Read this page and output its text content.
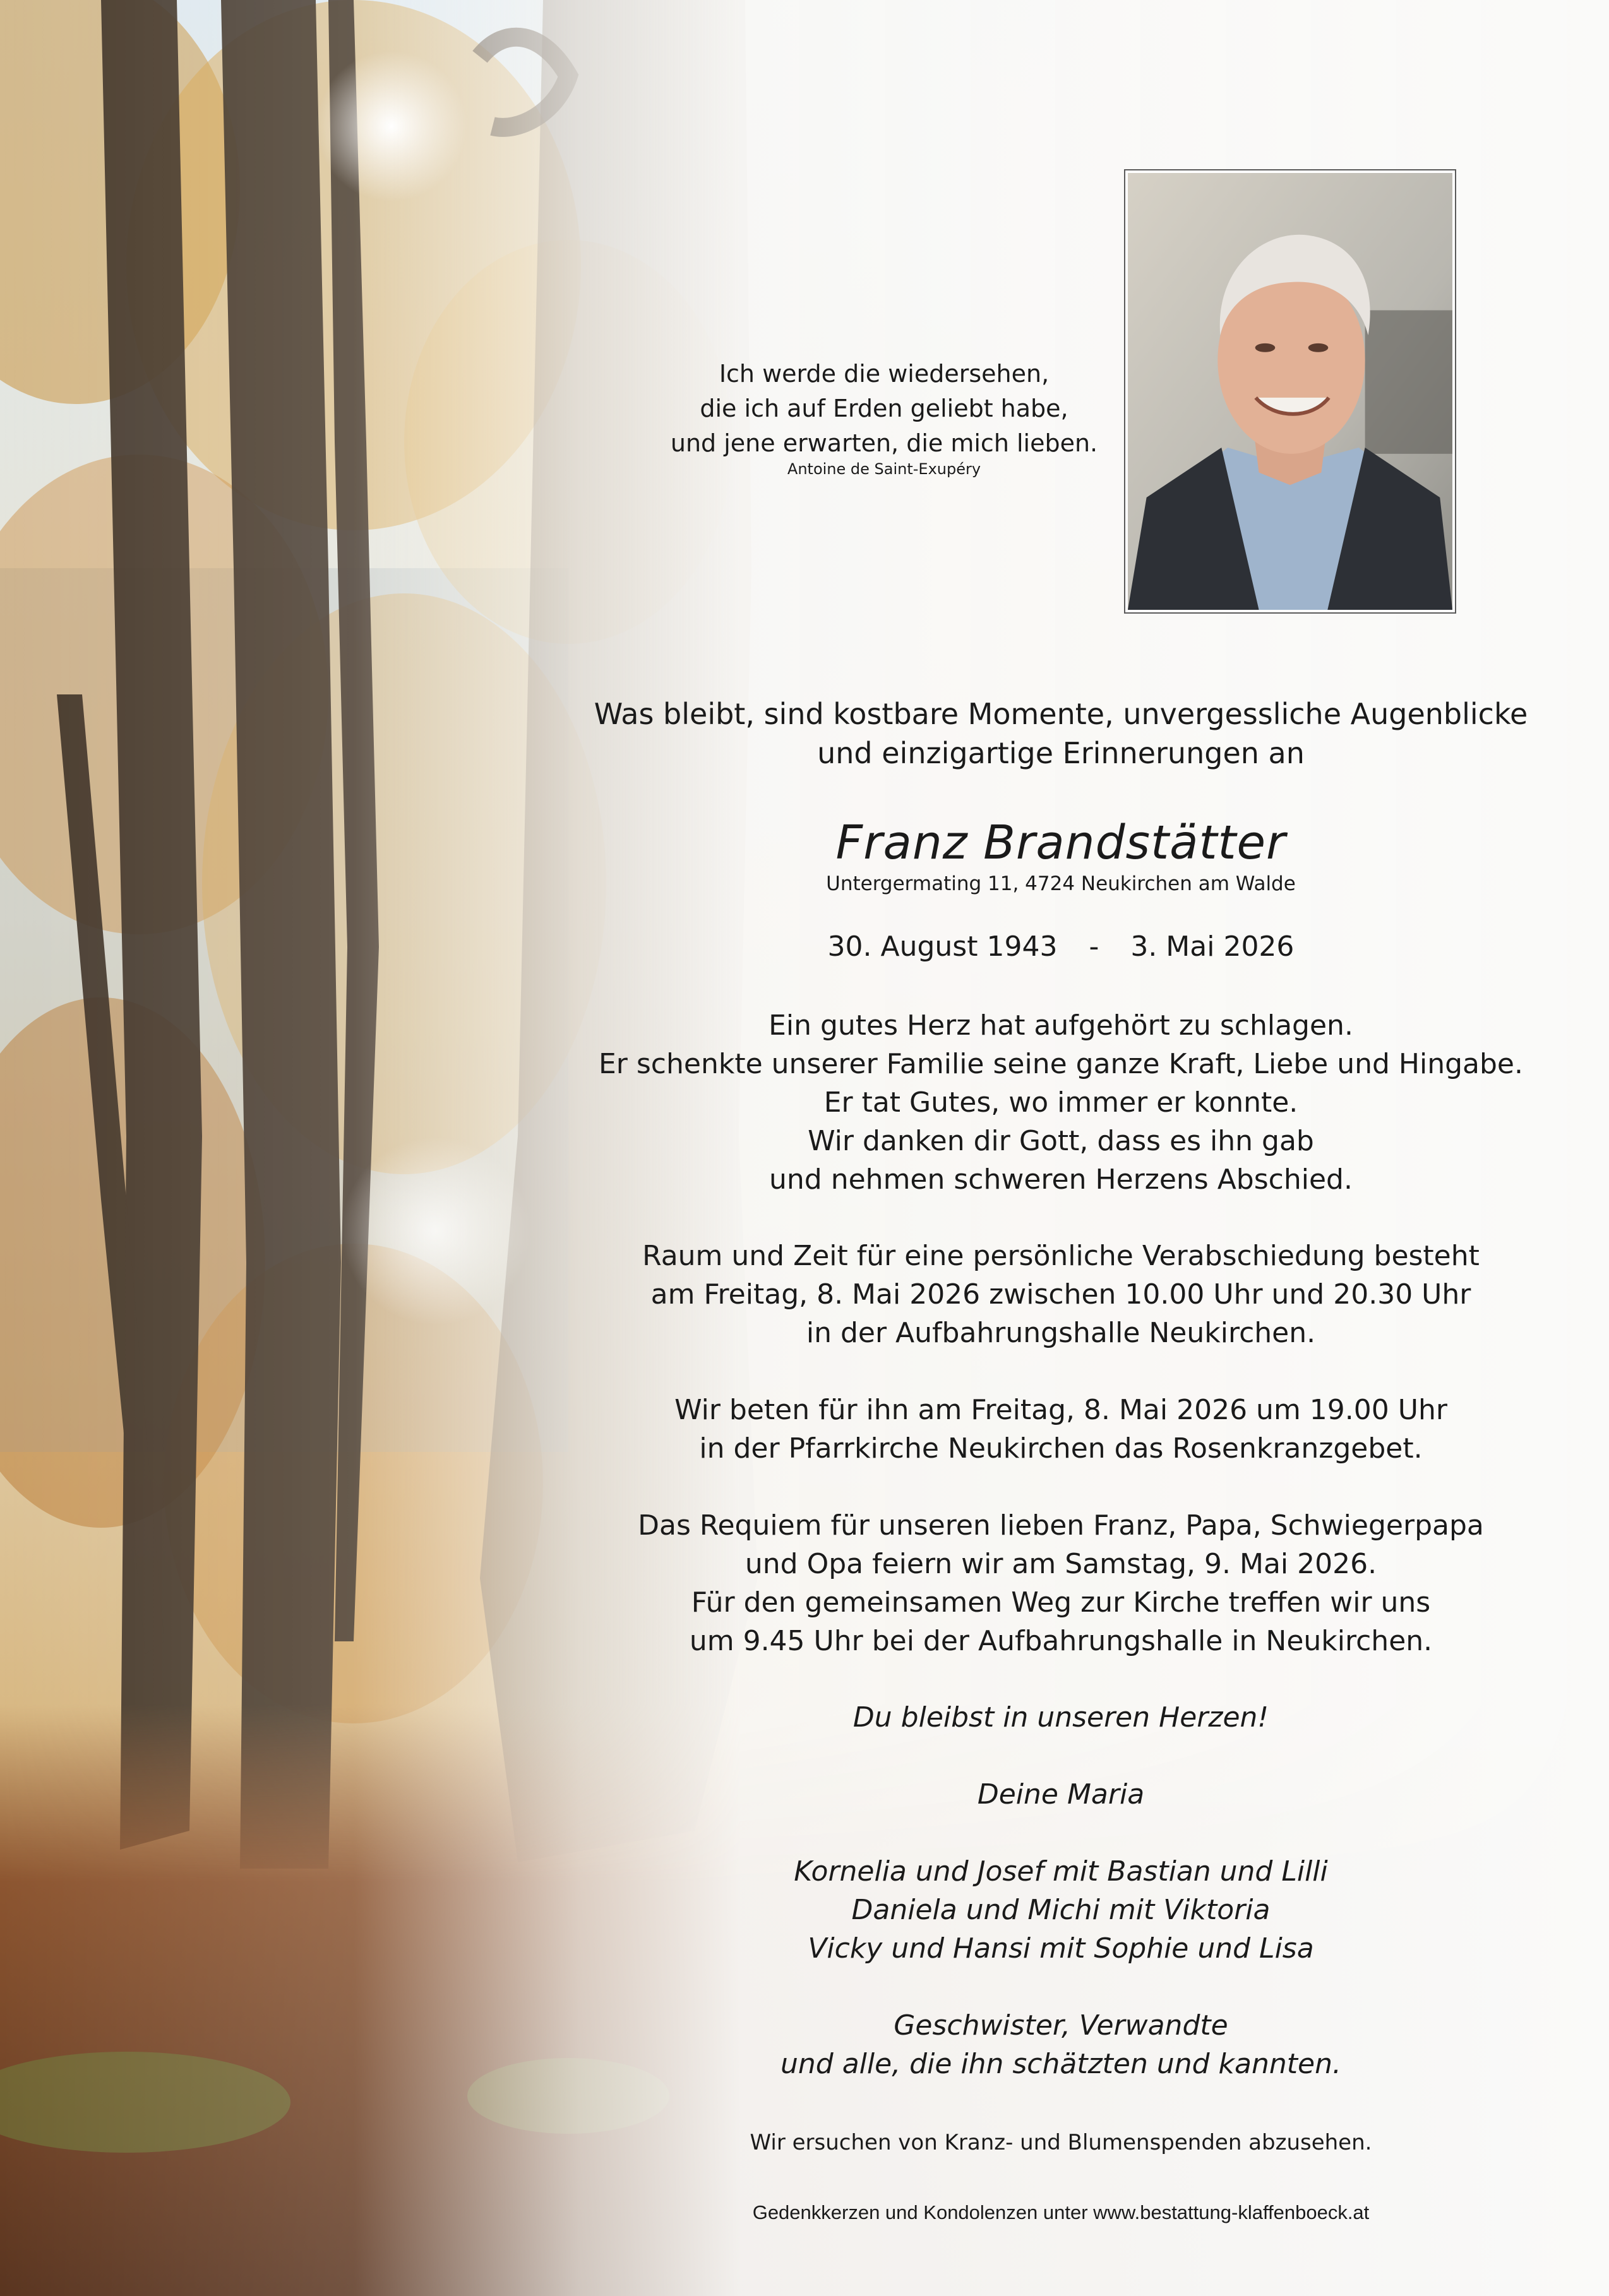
Ich werde die wiedersehen,
die ich auf Erden geliebt habe,
und jene erwarten, die mich lieben.
Antoine de Saint-Exupéry
Was bleibt, sind kostbare Momente, unvergessliche Augenblicke
und einzigartige Erinnerungen an
Franz Brandstätter
Untergermating 11, 4724 Neukirchen am Walde
30. August 1943 - 3. Mai 2026
Ein gutes Herz hat aufgehört zu schlagen.
Er schenkte unserer Familie seine ganze Kraft, Liebe und Hingabe.
Er tat Gutes, wo immer er konnte.
Wir danken dir Gott, dass es ihn gab
und nehmen schweren Herzens Abschied.
Raum und Zeit für eine persönliche Verabschiedung besteht
am Freitag, 8. Mai 2026 zwischen 10.00 Uhr und 20.30 Uhr
in der Aufbahrungshalle Neukirchen.
Wir beten für ihn am Freitag, 8. Mai 2026 um 19.00 Uhr
in der Pfarrkirche Neukirchen das Rosenkranzgebet.
Das Requiem für unseren lieben Franz, Papa, Schwiegerpapa
und Opa feiern wir am Samstag, 9. Mai 2026.
Für den gemeinsamen Weg zur Kirche treffen wir uns
um 9.45 Uhr bei der Aufbahrungshalle in Neukirchen.
Du bleibst in unseren Herzen!
Deine Maria
Kornelia und Josef mit Bastian und Lilli
Daniela und Michi mit Viktoria
Vicky und Hansi mit Sophie und Lisa
Geschwister, Verwandte
und alle, die ihn schätzten und kannten.
Wir ersuchen von Kranz- und Blumenspenden abzusehen.
Gedenkkerzen und Kondolenzen unter www.bestattung-klaffenboeck.at
